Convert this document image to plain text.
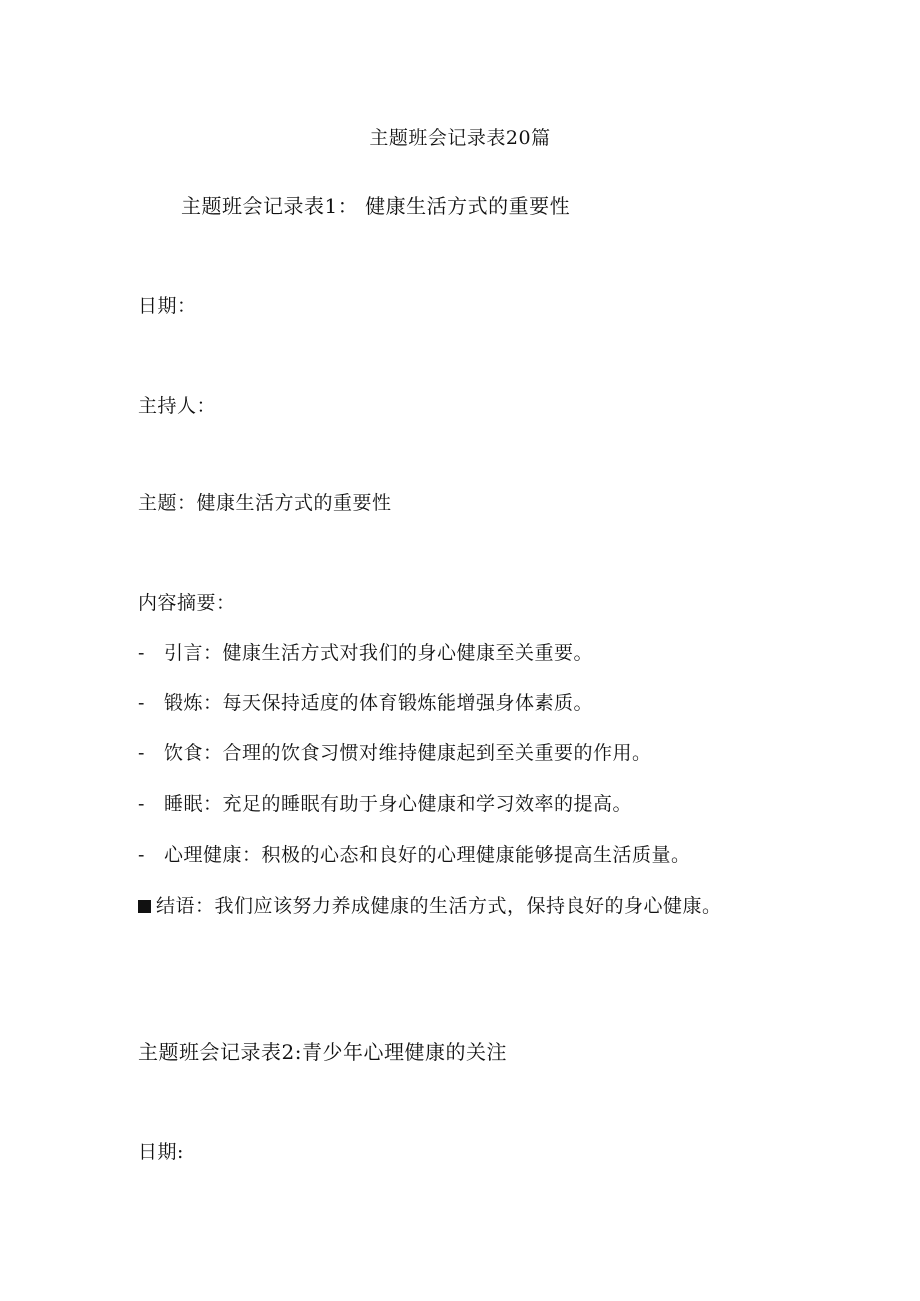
主题班会记录表20篇
主题班会记录表1： 健康生活方式的重要性
日期：
主持人：
主题：健康生活方式的重要性
内容摘要：
- 引言：健康生活方式对我们的身心健康至关重要。
- 锻炼：每天保持适度的体育锻炼能增强身体素质。
- 饮食：合理的饮食习惯对维持健康起到至关重要的作用。
- 睡眠：充足的睡眠有助于身心健康和学习效率的提高。
- 心理健康：积极的心态和良好的心理健康能够提高生活质量。
结语：我们应该努力养成健康的生活方式，保持良好的身心健康。
主题班会记录表2:青少年心理健康的关注
日期:
